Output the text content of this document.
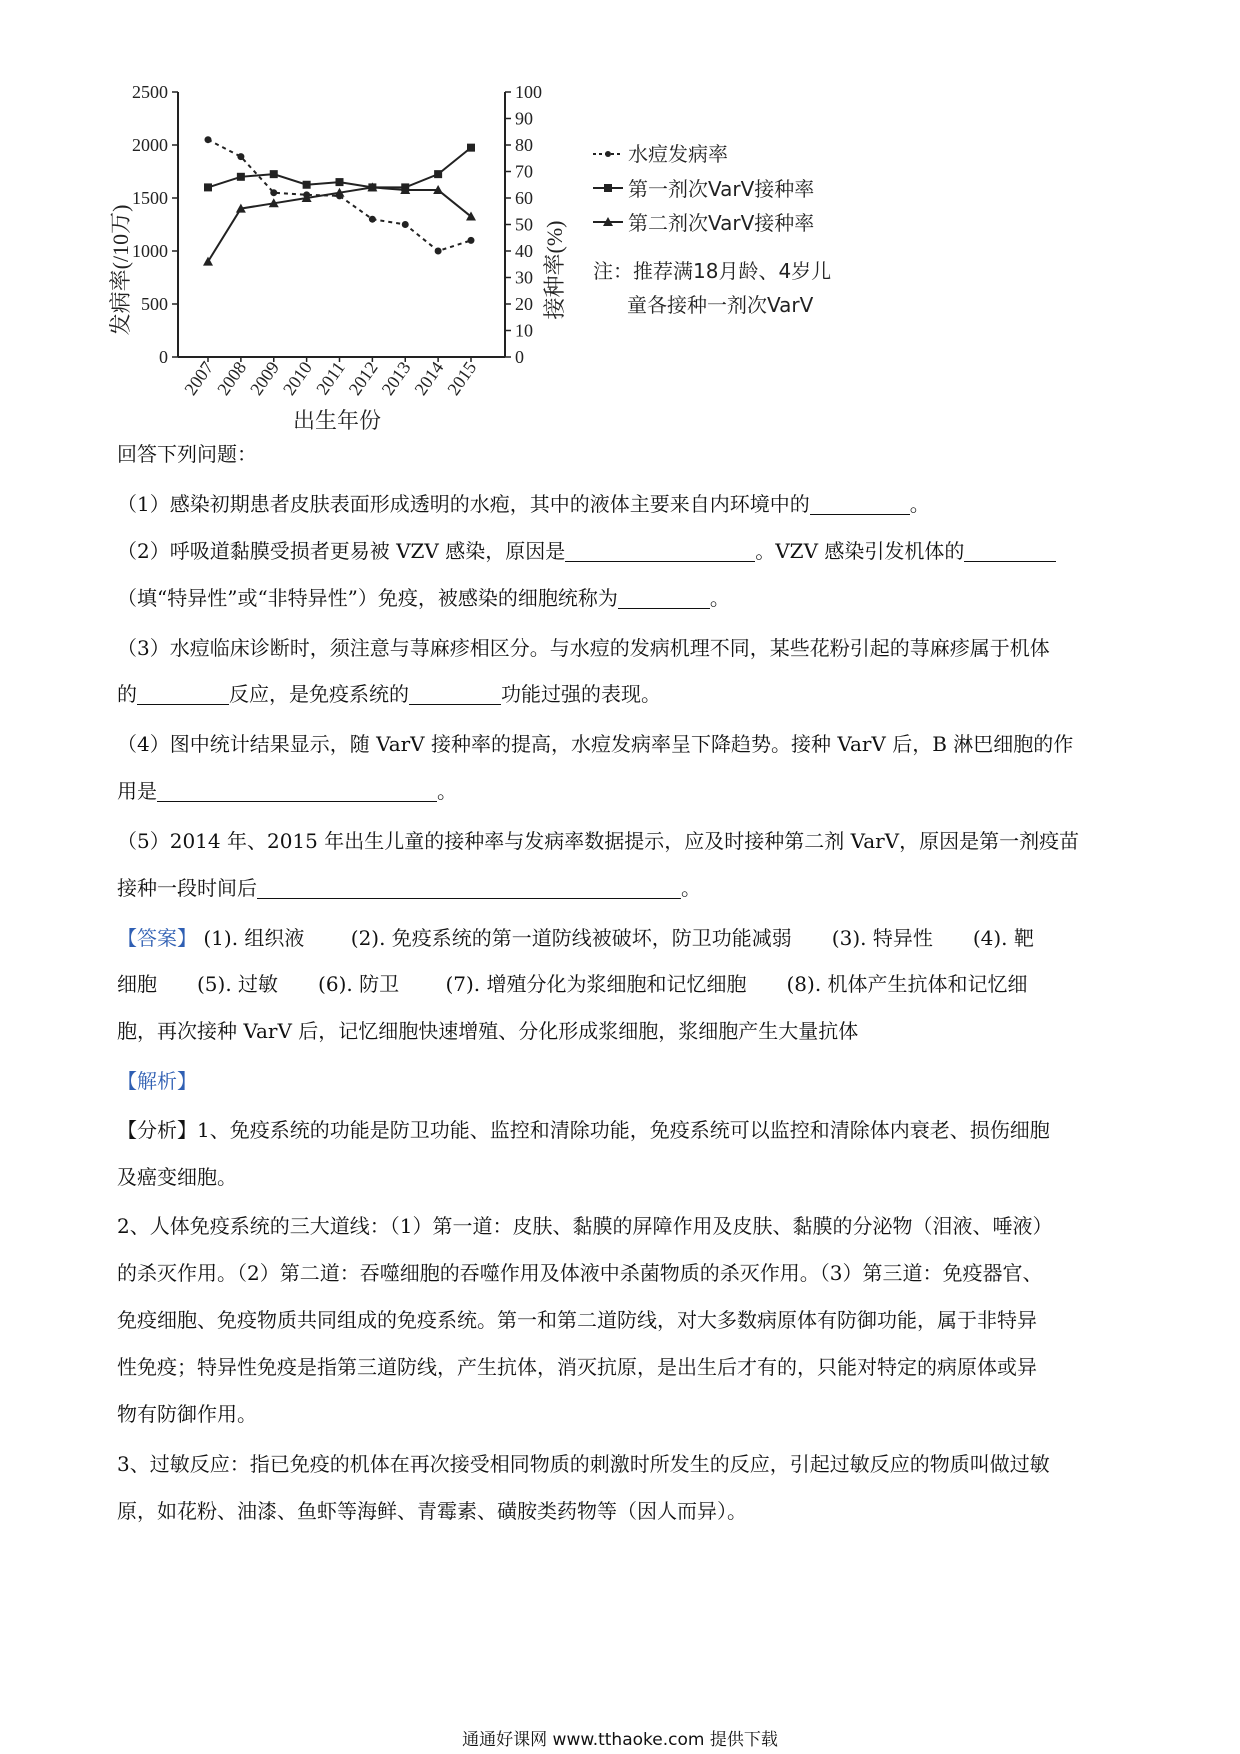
0
500
1000
1500
2000
2500
0
10
20
30
40
50
60
70
80
90
100
2007
2008
2009
2010
2011
2012
2013
2014
2015
发病率(/10万)	接种率(%)
出生年份
水痘发病率
第一剂次VarV接种率
第二剂次VarV接种率
注：推荐满18月龄、4岁儿
童各接种一剂次VarV
回答下列问题：
（1）感染初期患者皮肤表面形成透明的水疱，其中的液体主要来自内环境中的	。
（2）呼吸道黏膜受损者更易被 VZV 感染，原因是	。VZV 感染引发机体的
（填“特异性”或“非特异性”）免疫，被感染的细胞统称为	。
（3）水痘临床诊断时，须注意与荨麻疹相区分。与水痘的发病机理不同，某些花粉引起的荨麻疹属于机体
的	反应，是免疫系统的	功能过强的表现。
（4）图中统计结果显示，随 VarV 接种率的提高，水痘发病率呈下降趋势。接种 VarV 后，B 淋巴细胞的作
用是	。
（5）2014 年、2015 年出生儿童的接种率与发病率数据提示，应及时接种第二剂 VarV，原因是第一剂疫苗
接种一段时间后	。
【答案】 (1). 组织液　　 (2). 免疫系统的第一道防线被破坏，防卫功能减弱　　(3). 特异性　　(4). 靶
细胞　　(5). 过敏　　(6). 防卫　　 (7). 增殖分化为浆细胞和记忆细胞　　(8). 机体产生抗体和记忆细
胞，再次接种 VarV 后，记忆细胞快速增殖、分化形成浆细胞，浆细胞产生大量抗体
【解析】
【分析】1、免疫系统的功能是防卫功能、监控和清除功能，免疫系统可以监控和清除体内衰老、损伤细胞
及癌变细胞。
2、人体免疫系统的三大道线：（1）第一道：皮肤、黏膜的屏障作用及皮肤、黏膜的分泌物（泪液、唾液）
的杀灭作用。（2）第二道：吞噬细胞的吞噬作用及体液中杀菌物质的杀灭作用。（3）第三道：免疫器官、
免疫细胞、免疫物质共同组成的免疫系统。第一和第二道防线，对大多数病原体有防御功能，属于非特异
性免疫；特异性免疫是指第三道防线，产生抗体，消灭抗原，是出生后才有的，只能对特定的病原体或异
物有防御作用。
3、过敏反应：指已免疫的机体在再次接受相同物质的刺激时所发生的反应，引起过敏反应的物质叫做过敏
原，如花粉、油漆、鱼虾等海鲜、青霉素、磺胺类药物等（因人而异）。
通通好课网 www.tthaoke.com 提供下载
